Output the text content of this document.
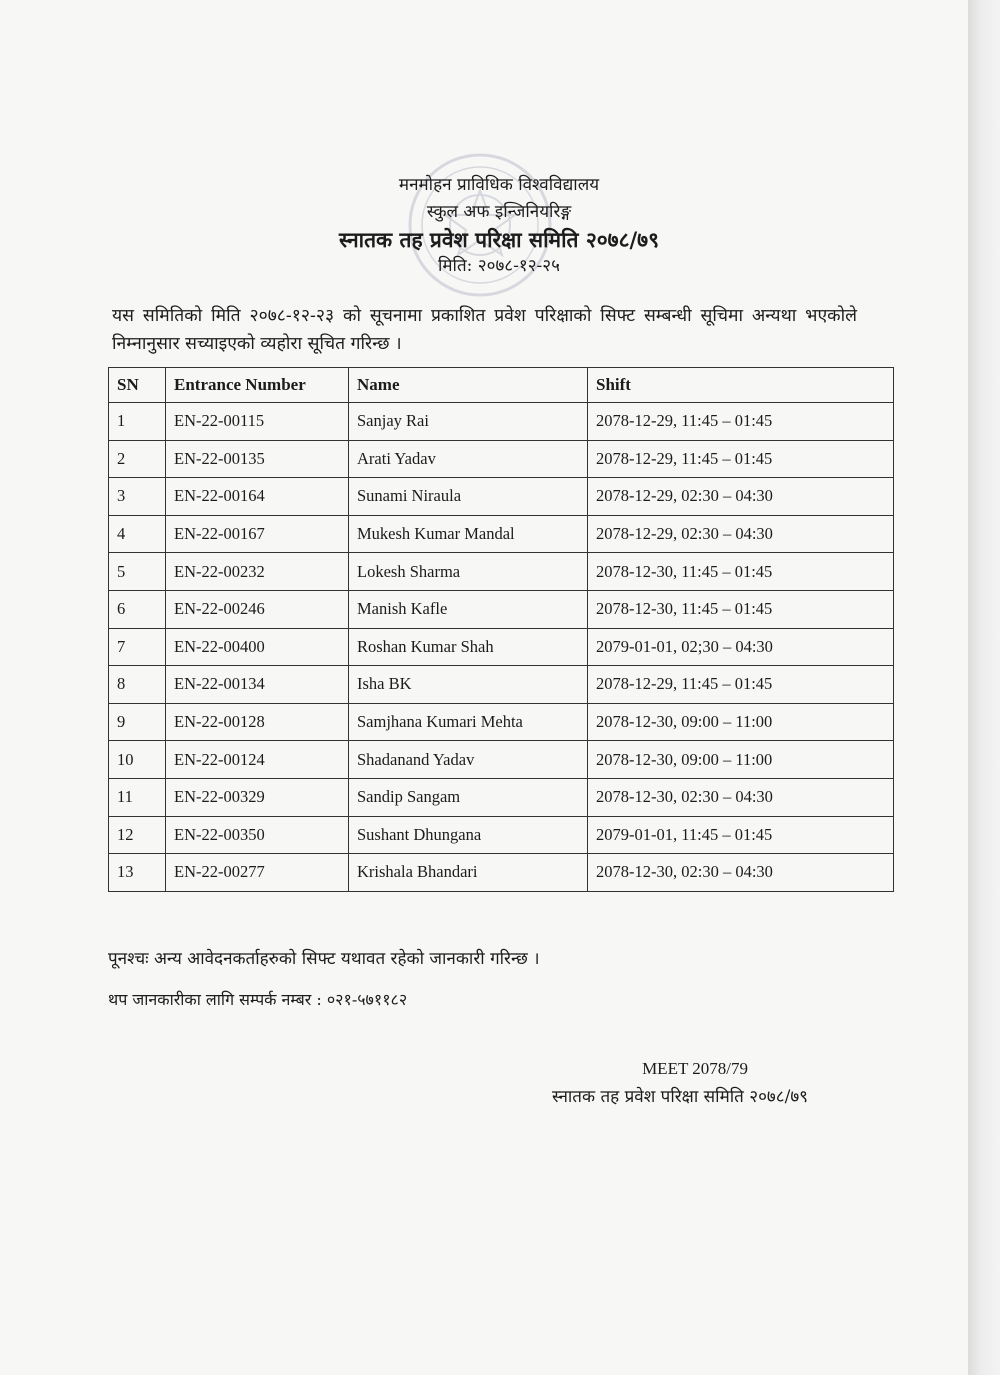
मनमोहन प्राविधिक विश्वविद्यालय
स्कुल अफ इन्जिनियरिङ्ग
स्नातक तह प्रवेश परिक्षा समिति २०७८/७९
मिति: २०७८-१२-२५
यस समितिको मिति २०७८-१२-२३ को सूचनामा प्रकाशित प्रवेश परिक्षाको सिफ्ट सम्बन्धी सूचिमा अन्यथा भएकोले निम्नानुसार सच्याइएको व्यहोरा सूचित गरिन्छ ।
SN	Entrance Number	Name	Shift
1	EN-22-00115	Sanjay Rai	2078-12-29, 11:45 – 01:45
2	EN-22-00135	Arati Yadav	2078-12-29, 11:45 – 01:45
3	EN-22-00164	Sunami Niraula	2078-12-29, 02:30 – 04:30
4	EN-22-00167	Mukesh Kumar Mandal	2078-12-29, 02:30 – 04:30
5	EN-22-00232	Lokesh Sharma	2078-12-30, 11:45 – 01:45
6	EN-22-00246	Manish Kafle	2078-12-30, 11:45 – 01:45
7	EN-22-00400	Roshan Kumar Shah	2079-01-01, 02;30 – 04:30
8	EN-22-00134	Isha BK	2078-12-29, 11:45 – 01:45
9	EN-22-00128	Samjhana Kumari Mehta	2078-12-30, 09:00 – 11:00
10	EN-22-00124	Shadanand Yadav	2078-12-30, 09:00 – 11:00
11	EN-22-00329	Sandip Sangam	2078-12-30, 02:30 – 04:30
12	EN-22-00350	Sushant Dhungana	2079-01-01, 11:45 – 01:45
13	EN-22-00277	Krishala Bhandari	2078-12-30, 02:30 – 04:30
पूनश्चः अन्य आवेदनकर्ताहरुको सिफ्ट यथावत रहेको जानकारी गरिन्छ ।
थप जानकारीका लागि सम्पर्क नम्बर : ०२१-५७११८२
MEET 2078/79
स्नातक तह प्रवेश परिक्षा समिति २०७८/७९
